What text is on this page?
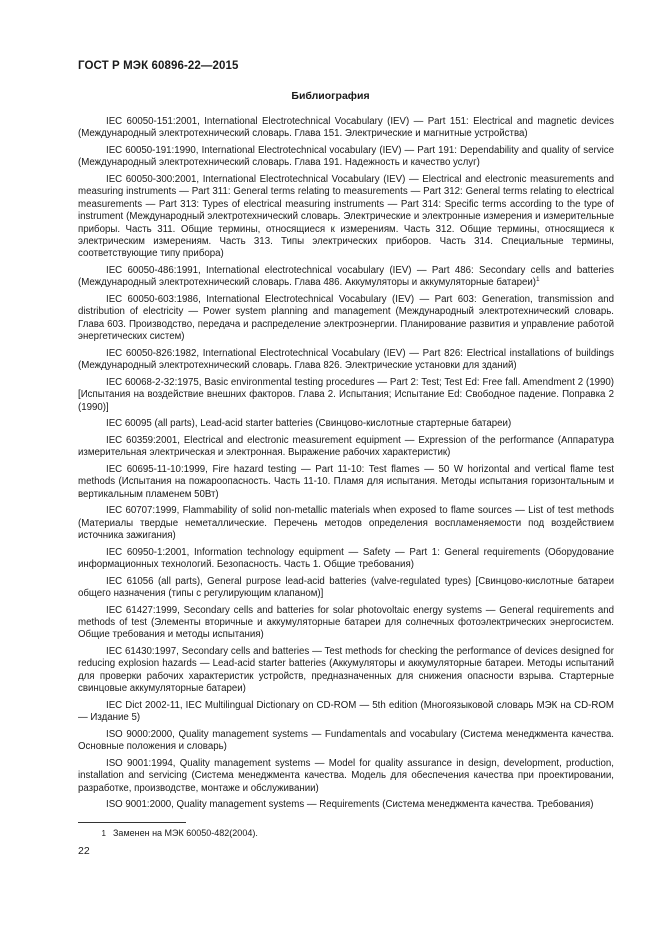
ГОСТ Р МЭК 60896-22—2015
Библиография

IEC 60050-151:2001, International Electrotechnical Vocabulary (IEV) — Part 151: Electrical and magnetic devices (Международный электротехнический словарь. Глава 151. Электрические и магнитные устройства)

IEC 60050-191:1990, International Electrotechnical vocabulary (IEV) — Part 191: Dependability and quality of service (Международный электротехнический словарь. Глава 191. Надежность и качество услуг)

IEC 60050-300:2001, International Electrotechnical Vocabulary (IEV) — Electrical and electronic measurements and measuring instruments — Part 311: General terms relating to measurements — Part 312: General terms relating to electrical measurements — Part 313: Types of electrical measuring instruments — Part 314: Specific terms according to the type of instrument (Международный электротехнический словарь. Электрические и электронные измерения и измерительные приборы. Часть 311. Общие термины, относящиеся к измерениям. Часть 312. Общие термины, относящиеся к электрическим измерениям. Часть 313. Типы электрических приборов. Часть 314. Специальные термины, соответствующие типу прибора)

IEC 60050-486:1991, International electrotechnical vocabulary (IEV) — Part 486: Secondary cells and batteries (Международный электротехнический словарь. Глава 486. Аккумуляторы и аккумуляторные батареи)$^1$

IEC 60050-603:1986, International Electrotechnical Vocabulary (IEV) — Part 603: Generation, transmission and distribution of electricity — Power system planning and management (Международный электротехнический словарь. Глава 603. Производство, передача и распределение электроэнергии. Планирование развития и управление работой энергетических систем)

IEC 60050-826:1982, International Electrotechnical Vocabulary (IEV) — Part 826: Electrical installations of buildings (Международный электротехнический словарь. Глава 826. Электрические установки для зданий)

IEC 60068-2-32:1975, Basic environmental testing procedures — Part 2: Test; Test Ed: Free fall. Amendment 2 (1990) [Испытания на воздействие внешних факторов. Глава 2. Испытания; Испытание Ed: Свободное падение. Поправка 2 (1990)]

IEC 60095 (all parts), Lead-acid starter batteries (Свинцово-кислотные стартерные батареи)

IEC 60359:2001, Electrical and electronic measurement equipment — Expression of the performance (Аппаратура измерительная электрическая и электронная. Выражение рабочих характеристик)

IEC 60695-11-10:1999, Fire hazard testing — Part 11-10: Test flames — 50 W horizontal and vertical flame test methods (Испытания на пожароопасность. Часть 11-10. Пламя для испытания. Методы испытания горизонтальным и вертикальным пламенем 50Вт)

IEC 60707:1999, Flammability of solid non-metallic materials when exposed to flame sources — List of test methods (Материалы твердые неметаллические. Перечень методов определения воспламеняемости под воздействием источника зажигания)

IEC 60950-1:2001, Information technology equipment — Safety — Part 1: General requirements (Оборудование информационных технологий. Безопасность. Часть 1. Общие требования)

IEC 61056 (all parts), General purpose lead-acid batteries (valve-regulated types) [Свинцово-кислотные батареи общего назначения (типы с регулирующим клапаном)]

IEC 61427:1999, Secondary cells and batteries for solar photovoltaic energy systems — General requirements and methods of test (Элементы вторичные и аккумуляторные батареи для солнечных фотоэлектрических энергосистем. Общие требования и методы испытания)

IEC 61430:1997, Secondary cells and batteries — Test methods for checking the performance of devices designed for reducing explosion hazards — Lead-acid starter batteries (Аккумуляторы и аккумуляторные батареи. Методы испытаний для проверки рабочих характеристик устройств, предназначенных для снижения опасности взрыва. Стартерные свинцовые аккумуляторные батареи)

IEC Dict 2002-11, IEC Multilingual Dictionary on CD-ROM — 5th edition (Многоязыковой словарь МЭК на CD-ROM — Издание 5)

ISO 9000:2000, Quality management systems — Fundamentals and vocabulary (Система менеджмента качества. Основные положения и словарь)

ISO 9001:1994, Quality management systems — Model for quality assurance in design, development, production, installation and servicing (Система менеджмента качества. Модель для обеспечения качества при проектировании, разработке, производстве, монтаже и обслуживании)

ISO 9001:2000, Quality management systems — Requirements (Система менеджмента качества. Требования)

1 Заменен на МЭК 60050-482(2004).
22
